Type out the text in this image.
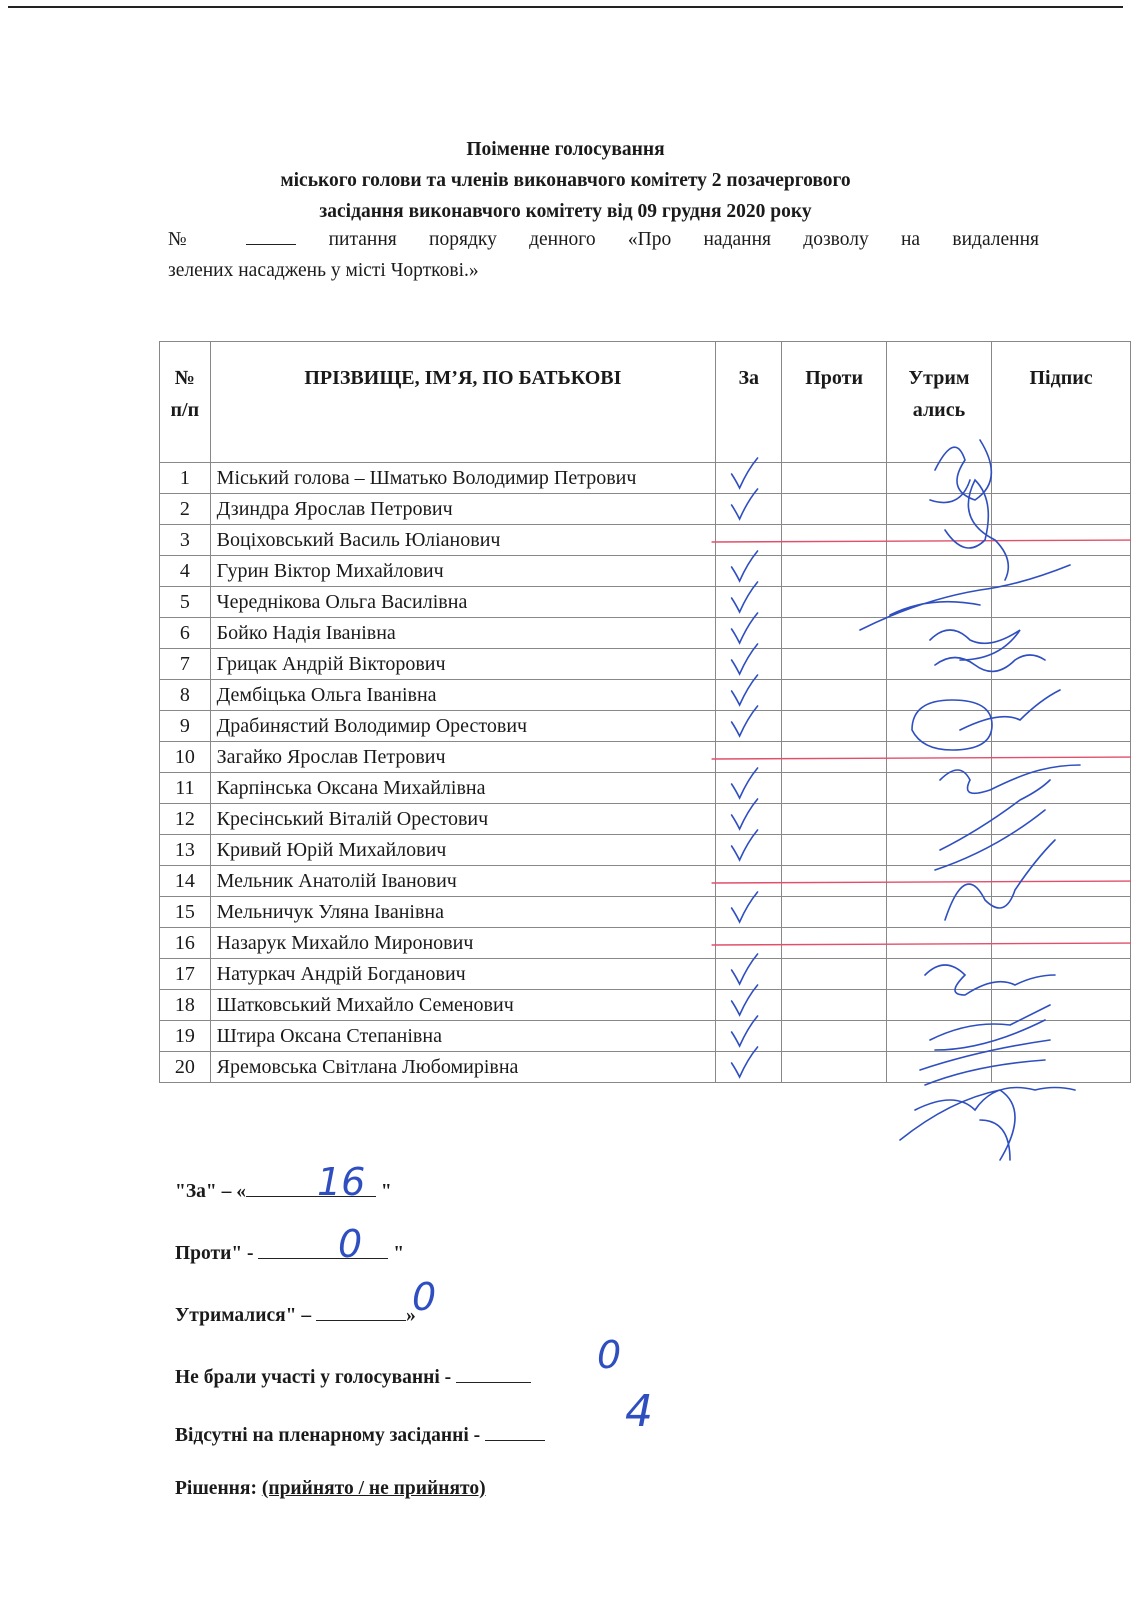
Поіменне голосування
міського голови та членів виконавчого комітету 2 позачергового
засідання виконавчого комітету від 09 грудня 2020 року
№	питання порядку денного «Про надання дозволу на видалення
зелених насаджень у місті Чорткові.»
№ п/п	ПРІЗВИЩЕ, ІМ’Я, ПО БАТЬКОВІ	За	Проти	Утрим ались	Підпис
1	Міський голова – Шматько Володимир Петрович				
2	Дзиндра Ярослав Петрович				
3	Воціховський Василь Юліанович				
4	Гурин Віктор Михайлович				
5	Череднікова Ольга Василівна				
6	Бойко Надія Іванівна				
7	Грицак Андрій Вікторович				
8	Дембіцька Ольга Іванівна				
9	Драбинястий Володимир Орестович				
10	Загайко Ярослав Петрович				
11	Карпінська Оксана Михайлівна				
12	Кресінський Віталій Орестович				
13	Кривий Юрій Михайлович				
14	Мельник Анатолій Іванович				
15	Мельничук Уляна Іванівна				
16	Назарук Михайло Миронович				
17	Натуркач Андрій Богданович				
18	Шатковський Михайло Семенович				
19	Штира Оксана Степанівна				
20	Яремовська Світлана Любомирівна				
"За" – «	"
16
Проти" -	"
0
Утрималися" –	»
0
Не брали участі у голосуванні -
0
Відсутні на пленарному засіданні -	4
Рішення: (прийнято / не прийнято)
